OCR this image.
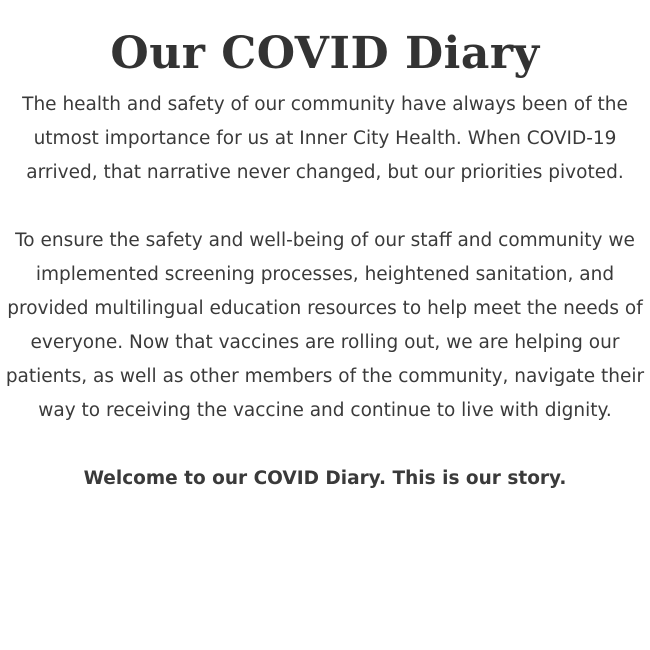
Our COVID Diary

The health and safety of our community have always been of the utmost importance for us at Inner City Health. When COVID-19 arrived, that narrative never changed, but our priorities pivoted.

To ensure the safety and well-being of our staff and community we implemented screening processes, heightened sanitation, and provided multilingual education resources to help meet the needs of everyone. Now that vaccines are rolling out, we are helping our patients, as well as other members of the community, navigate their way to receiving the vaccine and continue to live with dignity.

Welcome to our COVID Diary. This is our story.
